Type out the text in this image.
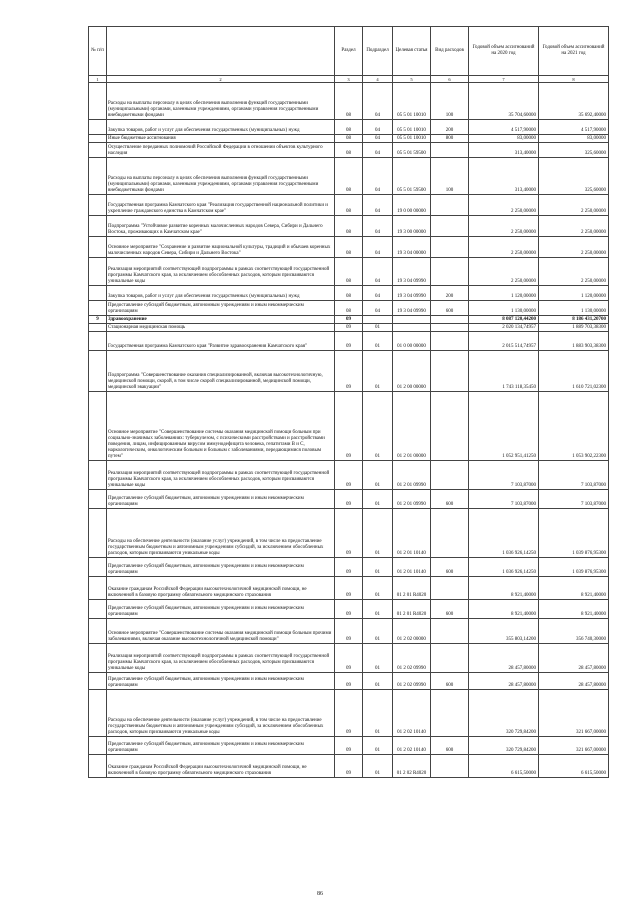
№ п/п		Раздел	Подраздел	Целевая статья	Вид расходов	Годовой объем ассигнований на 2020 год	Годовой объем ассигнований на 2021 год
1	2	3	4	5	6	7	8
	Расходы на выплаты персоналу в целях обеспечения выполнения функций государственными (муниципальными) органами, казенными учреждениями, органами управления государственными внебюджетными фондами	08	04	05 5 01 10010	100	35 704,60000	35 692,40000
	Закупка товаров, работ и услуг для обеспечения государственных (муниципальных) нужд	08	04	05 5 01 10010	200	4 517,90000	4 517,90000
	Иные бюджетные ассигнования	08	04	05 5 01 10010	800	83,00000	83,00000
	Осуществление переданных полномочий Российской Федерации в отношении объектов культурного наследия	08	04	05 5 01 59500		313,40000	325,60000
	Расходы на выплаты персоналу в целях обеспечения выполнения функций государственными (муниципальными) органами, казенными учреждениями, органами управления государственными внебюджетными фондами	08	04	05 5 01 59500	100	313,40000	325,60000
	Государственная программа Камчатского края "Реализация государственной национальной политики и укрепление гражданского единства в Камчатском крае"	08	04	19 0 00 00000		2 250,00000	2 250,00000
	Подпрограмма "Устойчивое развитие коренных малочисленных народов Севера, Сибири и Дальнего Востока, проживающих в Камчатском крае"	08	04	19 3 00 00000		2 250,00000	2 250,00000
	Основное мероприятие "Сохранение и развитие национальной культуры, традиций и обычаев коренных малочисленных народов Севера, Сибири и Дальнего Востока"	08	04	19 3 04 00000		2 250,00000	2 250,00000
	Реализация мероприятий соответствующей подпрограммы в рамках соответствующей государственной программы Камчатского края, за исключением обособленных расходов, которым присваиваются уникальные коды	08	04	19 3 04 09990		2 250,00000	2 250,00000
	Закупка товаров, работ и услуг для обеспечения государственных (муниципальных) нужд	08	04	19 3 04 09990	200	1 120,00000	1 120,00000
	Предоставление субсидий бюджетным, автономным учреждениям и иным некоммерческим организациям	08	04	19 3 04 09990	600	1 130,00000	1 130,00000
9	Здравоохранение	09				8 087 120,44200	8 186 431,20700
	Стационарная медицинская помощь	09	01			2 020 134,74957	1 889 703,38300
	Государственная программа Камчатского края "Развитие здравоохранения Камчатского края"	09	01	01 0 00 00000		2 015 514,74957	1 883 903,38300
	Подпрограмма "Совершенствование оказания специализированной, включая высокотехнологичную, медицинской помощи, скорой, в том числе скорой специализированной, медицинской помощи, медицинской эвакуации"	09	01	01 2 00 00000		1 743 118,35450	1 610 721,02300
	Основное мероприятие "Совершенствование системы оказания медицинской помощи больным при социально-значимых заболеваниях: туберкулезом, с психическими расстройствами и расстройствами поведения, лицам, инфицированным вирусом иммунодефицита человека, гепатитами В и С, наркологическим, онкологическим больным и больным с заболеваниями, передающимися половым путем"	09	01	01 2 01 00000		1 052 951,41250	1 053 902,22300
	Реализация мероприятий соответствующей подпрограммы в рамках соответствующей государственной программы Камчатского края, за исключением обособленных расходов, которым присваиваются уникальные коды	09	01	01 2 01 09990		7 103,87000	7 103,87000
	Предоставление субсидий бюджетным, автономным учреждениям и иным некоммерческим организациям	09	01	01 2 01 09990	600	7 103,87000	7 103,87000
	Расходы на обеспечение деятельности (оказание услуг) учреждений, в том числе на предоставление государственным бюджетным и автономным учреждениям субсидий, за исключением обособленных расходов, которым присваиваются уникальные коды	09	01	01 2 01 10140		1 036 926,14250	1 039 876,95300
	Предоставление субсидий бюджетным, автономным учреждениям и иным некоммерческим организациям	09	01	01 2 01 10140	600	1 036 926,14250	1 039 876,95300
	Оказание гражданам Российской Федерации высокотехнологичной медицинской помощи, не включенной в базовую программу обязательного медицинского страхования	09	01	01 2 01 R4020		8 921,40000	8 921,40000
	Предоставление субсидий бюджетным, автономным учреждениям и иным некоммерческим организациям	09	01	01 2 01 R4020	600	8 921,40000	8 921,40000
	Основное мероприятие "Совершенствование системы оказания медицинской помощи больным прочими заболеваниями, включая оказание высокотехнологичной медицинской помощи"	09	01	01 2 02 00000		355 803,14200	356 740,30000
	Реализация мероприятий соответствующей подпрограммы в рамках соответствующей государственной программы Камчатского края, за исключением обособленных расходов, которым присваиваются уникальные коды	09	01	01 2 02 09990		28 457,80000	28 457,80000
	Предоставление субсидий бюджетным, автономным учреждениям и иным некоммерческим организациям	09	01	01 2 02 09990	600	28 457,80000	28 457,80000
	Расходы на обеспечение деятельности (оказание услуг) учреждений, в том числе на предоставление государственным бюджетным и автономным учреждениям субсидий, за исключением обособленных расходов, которым присваиваются уникальные коды	09	01	01 2 02 10140		320 729,84200	321 667,00000
	Предоставление субсидий бюджетным, автономным учреждениям и иным некоммерческим организациям	09	01	01 2 02 10140	600	320 729,84200	321 667,00000
	Оказание гражданам Российской Федерации высокотехнологичной медицинской помощи, не включенной в базовую программу обязательного медицинского страхования	09	01	01 2 02 R4020		6 615,50000	6 615,50000
86
